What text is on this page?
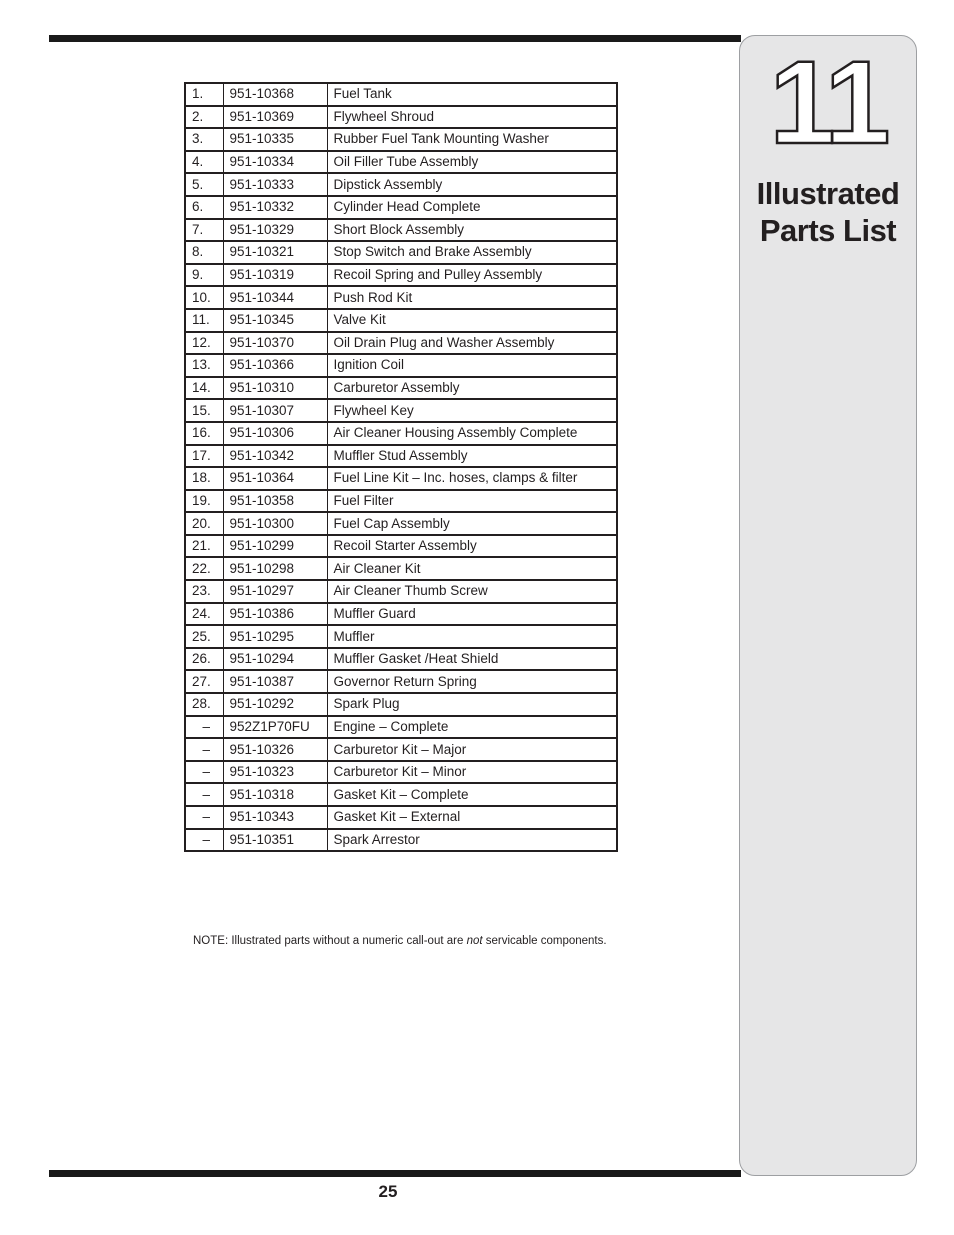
11
Illustrated
Parts List
1.	951-10368	Fuel Tank
2.	951-10369	Flywheel Shroud
3.	951-10335	Rubber Fuel Tank Mounting Washer
4.	951-10334	Oil Filler Tube Assembly
5.	951-10333	Dipstick Assembly
6.	951-10332	Cylinder Head Complete
7.	951-10329	Short Block Assembly
8.	951-10321	Stop Switch and Brake Assembly
9.	951-10319	Recoil Spring and Pulley Assembly
10.	951-10344	Push Rod Kit
11.	951-10345	Valve Kit
12.	951-10370	Oil Drain Plug and Washer Assembly
13.	951-10366	Ignition Coil
14.	951-10310	Carburetor Assembly
15.	951-10307	Flywheel Key
16.	951-10306	Air Cleaner Housing Assembly Complete
17.	951-10342	Muffler Stud Assembly
18.	951-10364	Fuel Line Kit – Inc. hoses, clamps & filter
19.	951-10358	Fuel Filter
20.	951-10300	Fuel Cap Assembly
21.	951-10299	Recoil Starter Assembly
22.	951-10298	Air Cleaner Kit
23.	951-10297	Air Cleaner Thumb Screw
24.	951-10386	Muffler Guard
25.	951-10295	Muffler
26.	951-10294	Muffler Gasket /Heat Shield
27.	951-10387	Governor Return Spring
28.	951-10292	Spark Plug
–	952Z1P70FU	Engine – Complete
–	951-10326	Carburetor Kit – Major
–	951-10323	Carburetor Kit – Minor
–	951-10318	Gasket Kit – Complete
–	951-10343	Gasket Kit – External
–	951-10351	Spark Arrestor
NOTE: Illustrated parts without a numeric call-out are not servicable components.
25
